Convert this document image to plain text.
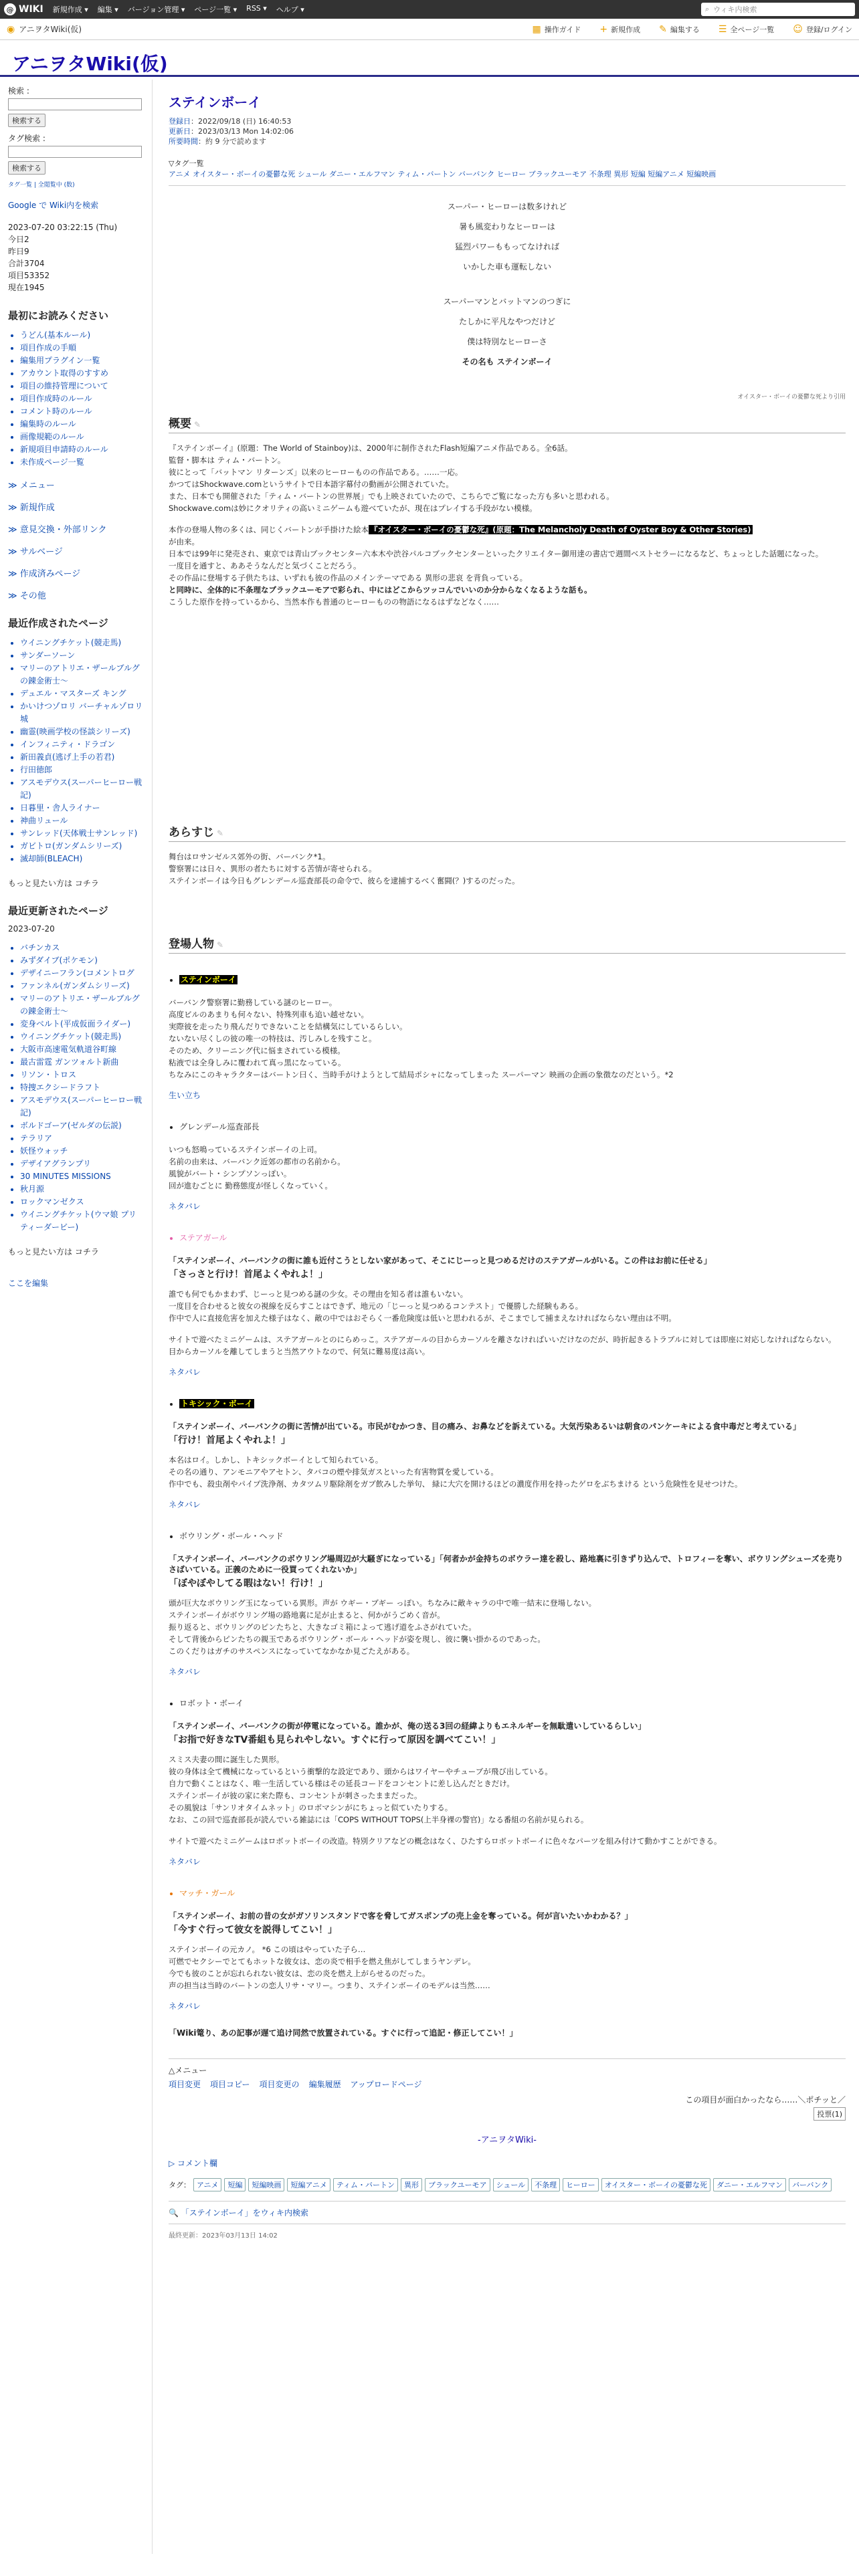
@ WIKI 新規作成 ▾ 編集 ▾ バージョン管理 ▾ ページ一覧 ▾ RSS ▾ ヘルプ ▾	⌕ ウィキ内検索
◉ アニヲタWiki(仮)	▦ 操作ガイド + 新規作成 ✎ 編集する ☰ 全ページ一覧 ☺ 登録/ログイン
アニヲタWiki(仮)
検索 :
検索する
タグ検索 :
検索する
タグ一覧 | 全閲覧中 (数)
Google で Wiki内を検索
2023-07-20 03:22:15 (Thu)
今日2
昨日9
合計3704
項目53352
現在1945
最初にお読みください
• うどん(基本ルール)
• 項目作成の手順
• 編集用プラグイン一覧
• アカウント取得のすすめ
• 項目の維持管理について
• 項目作成時のルール
• コメント時のルール
• 編集時のルール
• 画像規範のルール
• 新規項目申請時のルール
• 未作成ページ一覧
≫ メニュー
≫ 新規作成
≫ 意見交換・外部リンク
≫ サルベージ
≫ 作成済みページ
≫ その他
最近作成されたページ
• ウイニングチケット(競走馬)
• サンダーソーン
• マリーのアトリエ・ザールブルグの錬金術士〜
• デュエル・マスターズ キング
• かいけつゾロリ バーチャルゾロリ城
• 幽霊(映画学校の怪談シリーズ)
• インフィニティ・ドラゴン
• 新田義貞(逃げ上手の若君)
• 行田徳郎
• アスモデウス(スーパーヒーロー戦記)
• 日暮里・舎人ライナー
• 神曲リュール
• サンレッド(天体戦士サンレッド)
• ガビトロ(ガンダムシリーズ)
• 滅却師(BLEACH)
もっと見たい方は コチラ
最近更新されたページ
2023-07-20
• バチンカス
• みずダイブ(ポケモン)
• デザイニーフラン(コメントログ
• ファンネル(ガンダムシリーズ)
• マリーのアトリエ・ザールブルグの錬金術士〜
• 変身ベルト(平成仮面ライダー)
• ウイニングチケット(競走馬)
• 大阪市高速電気軌道谷町線
• 最古雷霆 ガンツォルト新曲
• リソン・トロス
• 特捜エクシードラフト
• アスモデウス(スーパーヒーロー戦記)
• ボルドゴーア(ゼルダの伝説)
• テラリア
• 妖怪ウォッチ
• デザイアグランプリ
• 30 MINUTES MISSIONS
• 秋月源
• ロックマンゼクス
• ウイニングチケット(ウマ娘 プリティーダービー)
もっと見たい方は コチラ
ここを編集
ステインボーイ
登録日：2022/09/18 (日) 16:40:53
更新日：2023/03/13 Mon 14:02:06
所要時間：約 9 分で読めます
▽タグ一覧
アニメ オイスター・ボーイの憂鬱な死 シュール ダニー・エルフマン ティム・バートン バーバンク ヒーロー ブラックユーモア 不条理 異形 短編 短編アニメ 短編映画
スーパー・ヒーローは数多けれど
暑も風変わりなヒーローは
猛烈パワーももってなければ
いかした車も運転しない
スーパーマンとバットマンのつぎに
たしかに平凡なやつだけど
僕は特別なヒーローさ
その名も ステインボーイ
オイスター・ボーイの憂鬱な死より引用
概要 ✎

『ステインボーイ』(原題：The World of Stainboy)は、2000年に制作されたFlash短編アニメ作品である。全6話。

監督・脚本は ティム・バートン。

彼にとって「バットマン リターンズ」以来のヒーローものの作品である。……一応。

かつてはShockwave.comというサイトで日本語字幕付の動画が公開されていた。

また、日本でも開催された「ティム・バートンの世界展」でも上映されていたので、こちらでご覧になった方も多いと思われる。

Shockwave.comは妙にクオリティの高いミニゲームも遊べていたが、現在はプレイする手段がない模様。

本作の登場人物の多くは、同じくバートンが手掛けた絵本 『オイスター・ボーイの憂鬱な死』(原題：The Melancholy Death of Oyster Boy & Other Stories)

が由来。

日本では99年に発売され、東京では青山ブックセンター六本木や渋谷パルコブックセンターといったクリエイター御用達の書店で週間ベストセラーになるなど、ちょっとした話題になった。

一度目を通すと、ああそうなんだと気づくことだろう。

その作品に登場する子供たちは、いずれも彼の作品のメインテーマである 異形の悲哀 を背負っている。

と同時に、全体的に不条理なブラックユーモアで彩られ、中にはどこからツッコんでいいのか分からなくなるような話も。

こうした原作を持っているから、当然本作も普通のヒーローものの物語になるはずなどなく……

あらすじ ✎

舞台はロサンゼルス郊外の街、バーバンク*1。

警察署には日々、異形の者たちに対する苦情が寄せられる。

ステインボーイは今日もグレンデール巡査部長の命令で、彼らを逮捕するべく奮闘(？)するのだった。

登場人物 ✎
• ステインボーイ

バーバンク警察署に勤務している謎のヒーロー。

高度ビルのあまりも何々ない、特殊列車も追い越せない。

実際彼を走ったり飛んだりできないことを結構気にしているらしい。

ないない尽くしの彼の唯一の特技は、汚しみしを残すこと。

そのため、クリーニング代に悩まされている模様。

粘液では全身しみに覆われて真っ黒になっている。

ちなみにこのキャラクターはバートン曰く、当時手がけようとして結局ポシャになってしまった スーパーマン 映画の企画の象徴なのだという。*2

生い立ち
• グレンデール巡査部長

いつも怒鳴っているステインボーイの上司。

名前の由来は、バーバンク近郊の都市の名前から。

風貌がバート・シンプソンっぽい。

回が進むごとに 勤務態度が怪しくなっていく。

ネタバレ
• ステアガール
「ステインボーイ、バーバンクの街に誰も近付こうとしない家があって、そこにじーっと見つめるだけのステアガールがいる。この件はお前に任せる」
「さっさと行け！首尾よくやれよ！」

誰でも何でもかまわず、じーっと見つめる謎の少女。その理由を知る者は誰もいない。

一度目を合わせると彼女の視線を反らすことはできず、地元の「じーっと見つめるコンテスト」で優勝した経験もある。

作中で人に直接危害を加えた様子はなく、敵の中ではおそらく一番危険度は低いと思われるが、そこまでして捕まえなければならない理由は不明。

サイトで遊べたミニゲームは、ステアガールとのにらめっこ。ステアガールの目からカーソルを離さなければいいだけなのだが、時折起きるトラブルに対しては即座に対応しなければならない。

目からカーソルを離してしまうと当然アウトなので、何気に難易度は高い。

ネタバレ
• トキシック・ボーイ
「ステインボーイ、バーバンクの街に苦情が出ている。市民がむかつき、目の痛み、お鼻などを訴えている。大気汚染あるいは朝食のパンケーキによる食中毒だと考えている」
「行け！首尾よくやれよ！」

本名はロイ。しかし、トキシックボーイとして知られている。

その名の通り、アンモニアやアセトン、タバコの煙や排気ガスといった有害物質を愛している。

作中でも、殺虫剤やパイプ洗浄剤、カタツムリ駆除剤をガブ飲みした挙句、 緑に大穴を開けるほどの濃度作用を持ったゲロをぶちまける という危険性を見せつけた。

ネタバレ
• ボウリング・ボール・ヘッド
「ステインボーイ、バーバンクのボウリング場周辺が大騒ぎになっている」「何者かが金持ちのボウラー達を殺し、路地裏に引きずり込んで、トロフィーを奪い、ボウリングシューズを売りさばいている。正義のために一役買ってくれないか」
「ぼやぼやしてる暇はない！行け！」

頭が巨大なボウリング玉になっている異形。声が ウギー・ブギー っぽい。ちなみに敵キャラの中で唯一結末に登場しない。

ステインボーイがボウリング場の路地裏に足が止まると、何かがうごめく音が。

振り返ると、ボウリングのピンたちと、大きなゴミ箱によって逃げ道をふさがれていた。

そして背後からピンたちの親玉であるボウリング・ボール・ヘッドが姿を現し、彼に襲い掛かるのであった。

このくだりはガチのサスペンスになっていてなかなか見ごたえがある。

ネタバレ
• ロボット・ボーイ
「ステインボーイ、バーバンクの街が停電になっている。誰かが、俺の送る3回の経緯よりもエネルギーを無駄遣いしているらしい」
「お指で好きなTV番組も見られやしない。すぐに行って原因を調べてこい！」

スミス夫妻の間に誕生した異形。

彼の身体は全て機械になっているという衝撃的な設定であり、頭からはワイヤーやチューブが飛び出している。

自力で動くことはなく、唯一生活している様はその延長コードをコンセントに差し込んだときだけ。

ステインボーイが彼の家に来た際も、コンセントが刺さったままだった。

その風貌は「サンリオタイムネット」のロボマシンがにちょっと似ていたりする。

なお、この回で巡査部長が読んでいる雑誌には「COPS WITHOUT TOPS(上半身裸の警官)」なる番組の名前が見られる。

サイトで遊べたミニゲームはロボットボーイの改造。特別クリアなどの概念はなく、ひたすらロボットボーイに色々なパーツを組み付けて動かすことができる。

ネタバレ
• マッチ・ガール
「ステインボーイ、お前の昔の女がガソリンスタンドで客を脅してガスポンプの売上金を奪っている。何が言いたいかわかる？」
「今すぐ行って彼女を説得してこい！」

ステインボーイの元カノ。 *6 この頃はやっていた子ら…

可燃でセクシーでとてもホットな彼女は、恋の炎で相手を燃え焦がしてしまうヤンデレ。

今でも彼のことが忘れられない彼女は、恋の炎を燃え上がらせるのだった。

声の担当は当時のバートンの恋人リサ・マリー。つまり、ステインボーイのモデルは当然……

ネタバレ
「Wiki篭り、あの記事が遅て追け同然で放置されている。すぐに行って追記・修正してこい！」
△メニュー
項目変更 項目コピー 項目変更の 編集履歴 アップロードページ
この項目が面白かったなら……＼ポチッと／
投票(1)
-アニヲタWiki-
▷ コメント欄
タグ： アニメ	短編	短編映画	短編アニメ	ティム・バートン	異形	ブラックユーモア	シュール	不条理	ヒーロー	オイスター・ボーイの憂鬱な死	ダニー・エルフマン	バーバンク
🔍 「ステインボーイ」をウィキ内検索
最終更新：2023年03月13日 14:02
